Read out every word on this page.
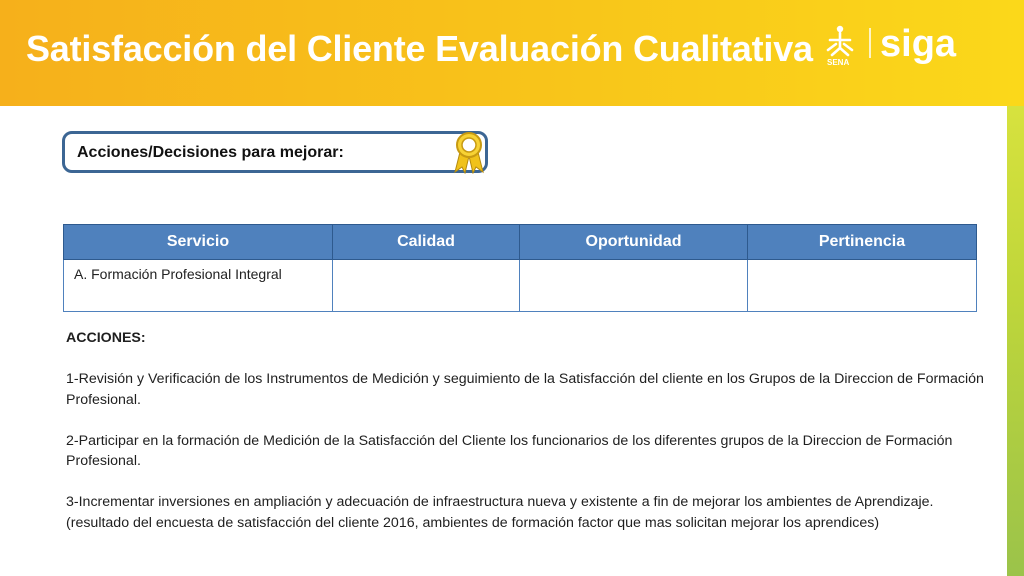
Satisfacción del Cliente Evaluación Cualitativa SENA siga
Acciones/Decisiones para mejorar:
Servicio	Calidad	Oportunidad	Pertinencia
A. Formación Profesional Integral			

ACCIONES:

1-Revisión y Verificación de los Instrumentos de Medición y seguimiento de la Satisfacción del cliente en los Grupos de la Direccion de Formación Profesional.

2-Participar en la formación de Medición de la Satisfacción del Cliente los funcionarios de los diferentes grupos de la Direccion de Formación Profesional.

3-Incrementar inversiones en ampliación y adecuación de infraestructura nueva y existente a fin de mejorar los ambientes de Aprendizaje. (resultado del encuesta de satisfacción del cliente 2016, ambientes de formación factor que mas solicitan mejorar los aprendices)
